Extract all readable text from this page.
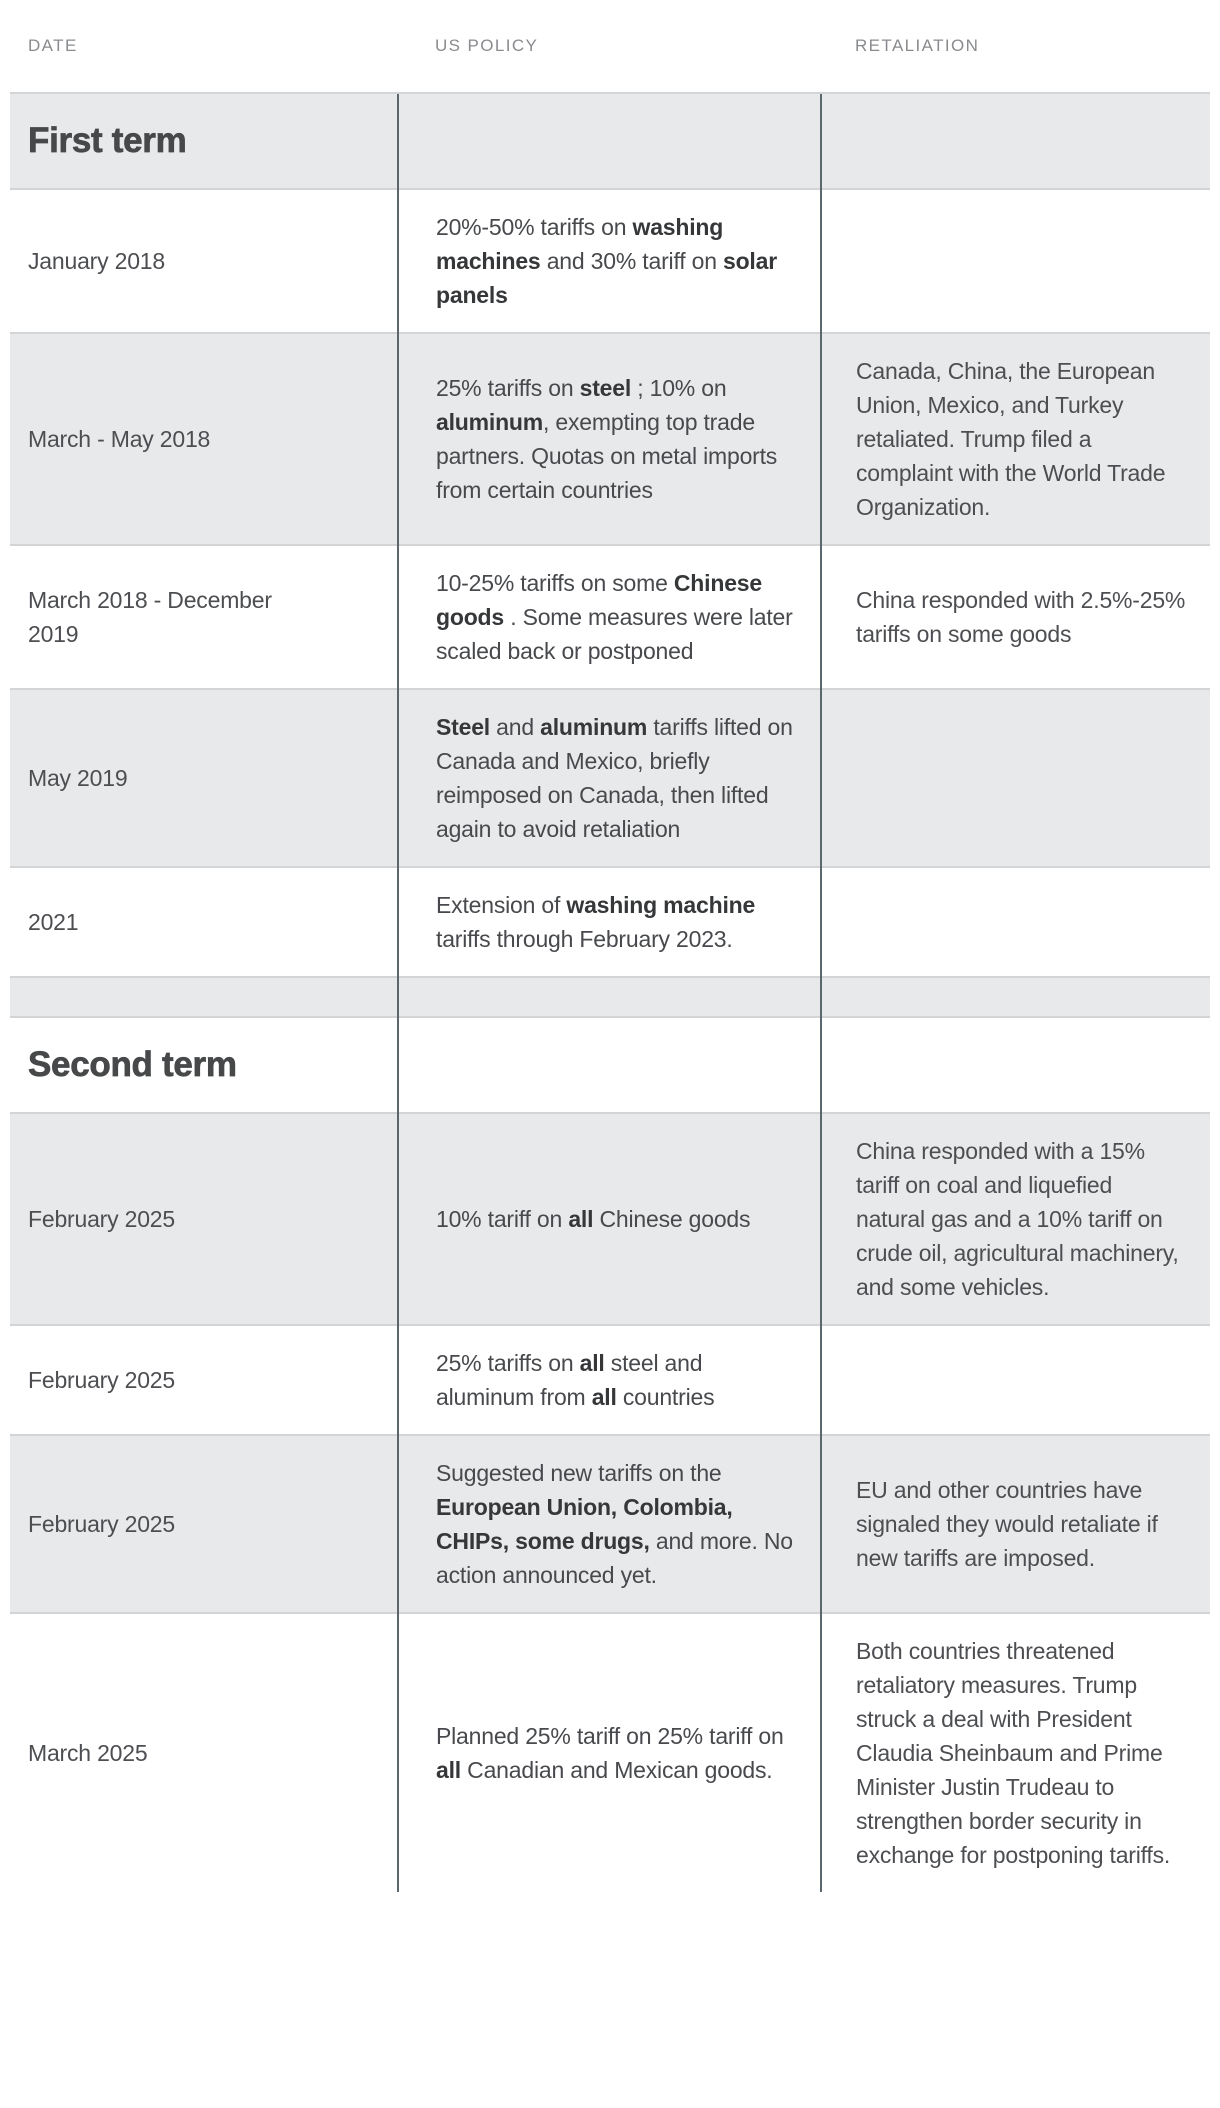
DATE	US POLICY	RETALIATION
First term		
January 2018	20%-50% tariffs on washing machines and 30% tariff on solar panels	
March - May 2018	25% tariffs on steel ; 10% on aluminum, exempting top trade partners. Quotas on metal imports from certain countries	Canada, China, the European Union, Mexico, and Turkey retaliated. Trump filed a complaint with the World Trade Organization.
March 2018 - December 2019	10-25% tariffs on some Chinese goods . Some measures were later scaled back or postponed	China responded with 2.5%-25% tariffs on some goods
May 2019	Steel and aluminum tariffs lifted on Canada and Mexico, briefly reimposed on Canada, then lifted again to avoid retaliation	
2021	Extension of washing machine tariffs through February 2023.	

Second term		
February 2025	10% tariff on all Chinese goods	China responded with a 15% tariff on coal and liquefied natural gas and a 10% tariff on crude oil, agricultural machinery, and some vehicles.
February 2025	25% tariffs on all steel and aluminum from all countries	
February 2025	Suggested new tariffs on the European Union, Colombia, CHIPs, some drugs, and more. No action announced yet.	EU and other countries have signaled they would retaliate if new tariffs are imposed.
March 2025	Planned 25% tariff on 25% tariff on all Canadian and Mexican goods.	Both countries threatened retaliatory measures. Trump struck a deal with President Claudia Sheinbaum and Prime Minister Justin Trudeau to strengthen border security in exchange for postponing tariffs.
